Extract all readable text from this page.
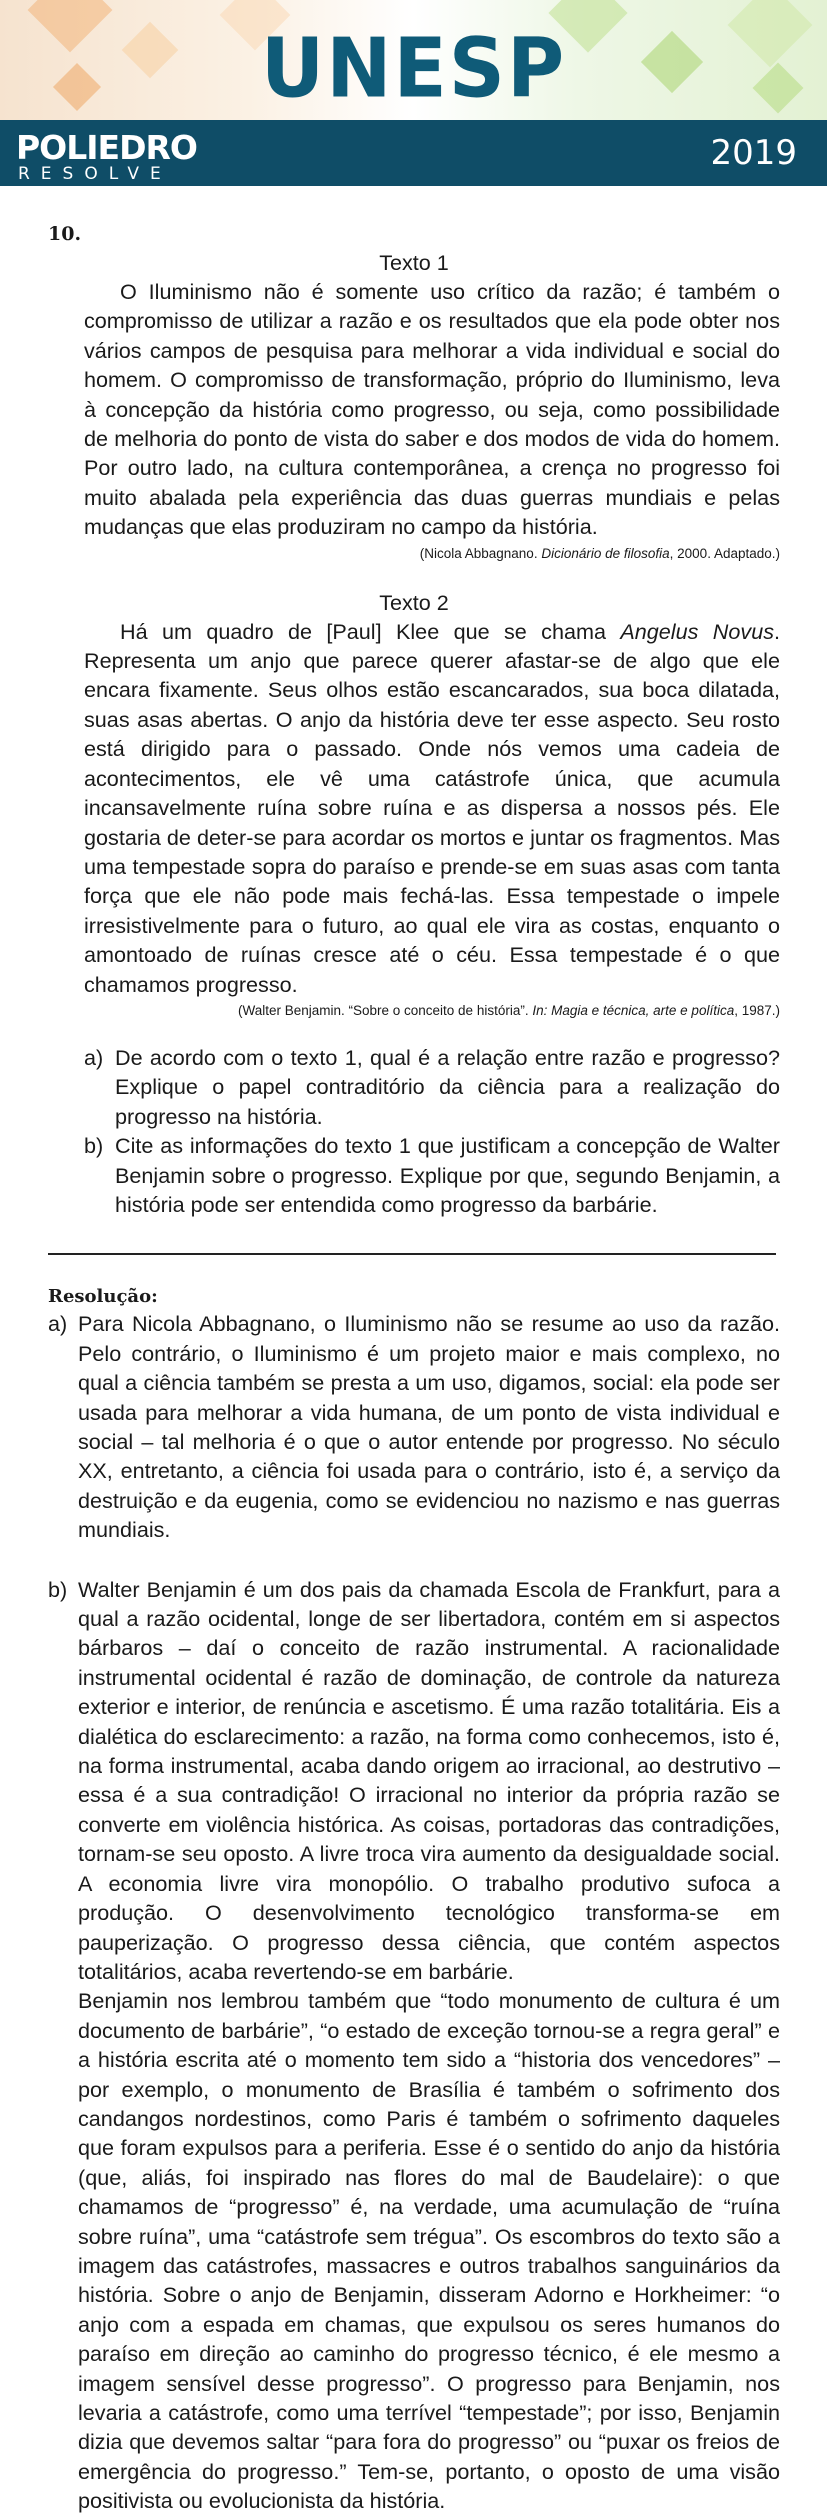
UNESP
POLIEDRO
RESOLVE
2019
10.
Texto 1

O Iluminismo não é somente uso crítico da razão; é também o compromisso de utilizar a razão e os resultados que ela pode obter nos vários campos de pesquisa para melhorar a vida individual e social do homem. O compromisso de transformação, próprio do Iluminismo, leva à concepção da história como progresso, ou seja, como possibilidade de melhoria do ponto de vista do saber e dos modos de vida do homem. Por outro lado, na cultura contemporânea, a crença no progresso foi muito abalada pela experiência das duas guerras mundiais e pelas mudanças que elas produziram no campo da história.

(Nicola Abbagnano. Dicionário de filosofia, 2000. Adaptado.)

Texto 2

Há um quadro de [Paul] Klee que se chama Angelus Novus. Representa um anjo que parece querer afastar-se de algo que ele encara fixamente. Seus olhos estão escancarados, sua boca dilatada, suas asas abertas. O anjo da história deve ter esse aspecto. Seu rosto está dirigido para o passado. Onde nós vemos uma cadeia de acontecimentos, ele vê uma catástrofe única, que acumula incansavelmente ruína sobre ruína e as dispersa a nossos pés. Ele gostaria de deter-se para acordar os mortos e juntar os fragmentos. Mas uma tempestade sopra do paraíso e prende-se em suas asas com tanta força que ele não pode mais fechá-las. Essa tempestade o impele irresistivelmente para o futuro, ao qual ele vira as costas, enquanto o amontoado de ruínas cresce até o céu. Essa tempestade é o que chamamos progresso.

(Walter Benjamin. “Sobre o conceito de história”. In: Magia e técnica, arte e política, 1987.)

a) De acordo com o texto 1, qual é a relação entre razão e progresso? Explique o papel contraditório da ciência para a realização do progresso na história.
b) Cite as informações do texto 1 que justificam a concepção de Walter Benjamin sobre o progresso. Explique por que, segundo Benjamin, a história pode ser entendida como progresso da barbárie.
Resolução:
a) Para Nicola Abbagnano, o Iluminismo não se resume ao uso da razão. Pelo contrário, o Iluminismo é um projeto maior e mais complexo, no qual a ciência também se presta a um uso, digamos, social: ela pode ser usada para melhorar a vida humana, de um ponto de vista individual e social – tal melhoria é o que o autor entende por progresso. No século XX, entretanto, a ciência foi usada para o contrário, isto é, a serviço da destruição e da eugenia, como se evidenciou no nazismo e nas guerras mundiais.
b) Walter Benjamin é um dos pais da chamada Escola de Frankfurt, para a qual a razão ocidental, longe de ser libertadora, contém em si aspectos bárbaros – daí o conceito de razão instrumental. A racionalidade instrumental ocidental é razão de dominação, de controle da natureza exterior e interior, de renúncia e ascetismo. É uma razão totalitária. Eis a dialética do esclarecimento: a razão, na forma como conhecemos, isto é, na forma instrumental, acaba dando origem ao irracional, ao destrutivo – essa é a sua contradição! O irracional no interior da própria razão se converte em violência histórica. As coisas, portadoras das contradições, tornam-se seu oposto. A livre troca vira aumento da desigualdade social. A economia livre vira monopólio. O trabalho produtivo sufoca a produção. O desenvolvimento tecnológico transforma-se em pauperização. O progresso dessa ciência, que contém aspectos totalitários, acaba revertendo-se em barbárie.
Benjamin nos lembrou também que “todo monumento de cultura é um documento de barbárie”, “o estado de exceção tornou-se a regra geral” e a história escrita até o momento tem sido a “historia dos vencedores” – por exemplo, o monumento de Brasília é também o sofrimento dos candangos nordestinos, como Paris é também o sofrimento daqueles que foram expulsos para a periferia. Esse é o sentido do anjo da história (que, aliás, foi inspirado nas flores do mal de Baudelaire): o que chamamos de “progresso” é, na verdade, uma acumulação de “ruína sobre ruína”, uma “catástrofe sem trégua”. Os escombros do texto são a imagem das catástrofes, massacres e outros trabalhos sanguinários da história. Sobre o anjo de Benjamin, disseram Adorno e Horkheimer: “o anjo com a espada em chamas, que expulsou os seres humanos do paraíso em direção ao caminho do progresso técnico, é ele mesmo a imagem sensível desse progresso”. O progresso para Benjamin, nos levaria a catástrofe, como uma terrível “tempestade”; por isso, Benjamin dizia que devemos saltar “para fora do progresso” ou “puxar os freios de emergência do progresso.” Tem-se, portanto, o oposto de uma visão positivista ou evolucionista da história.
